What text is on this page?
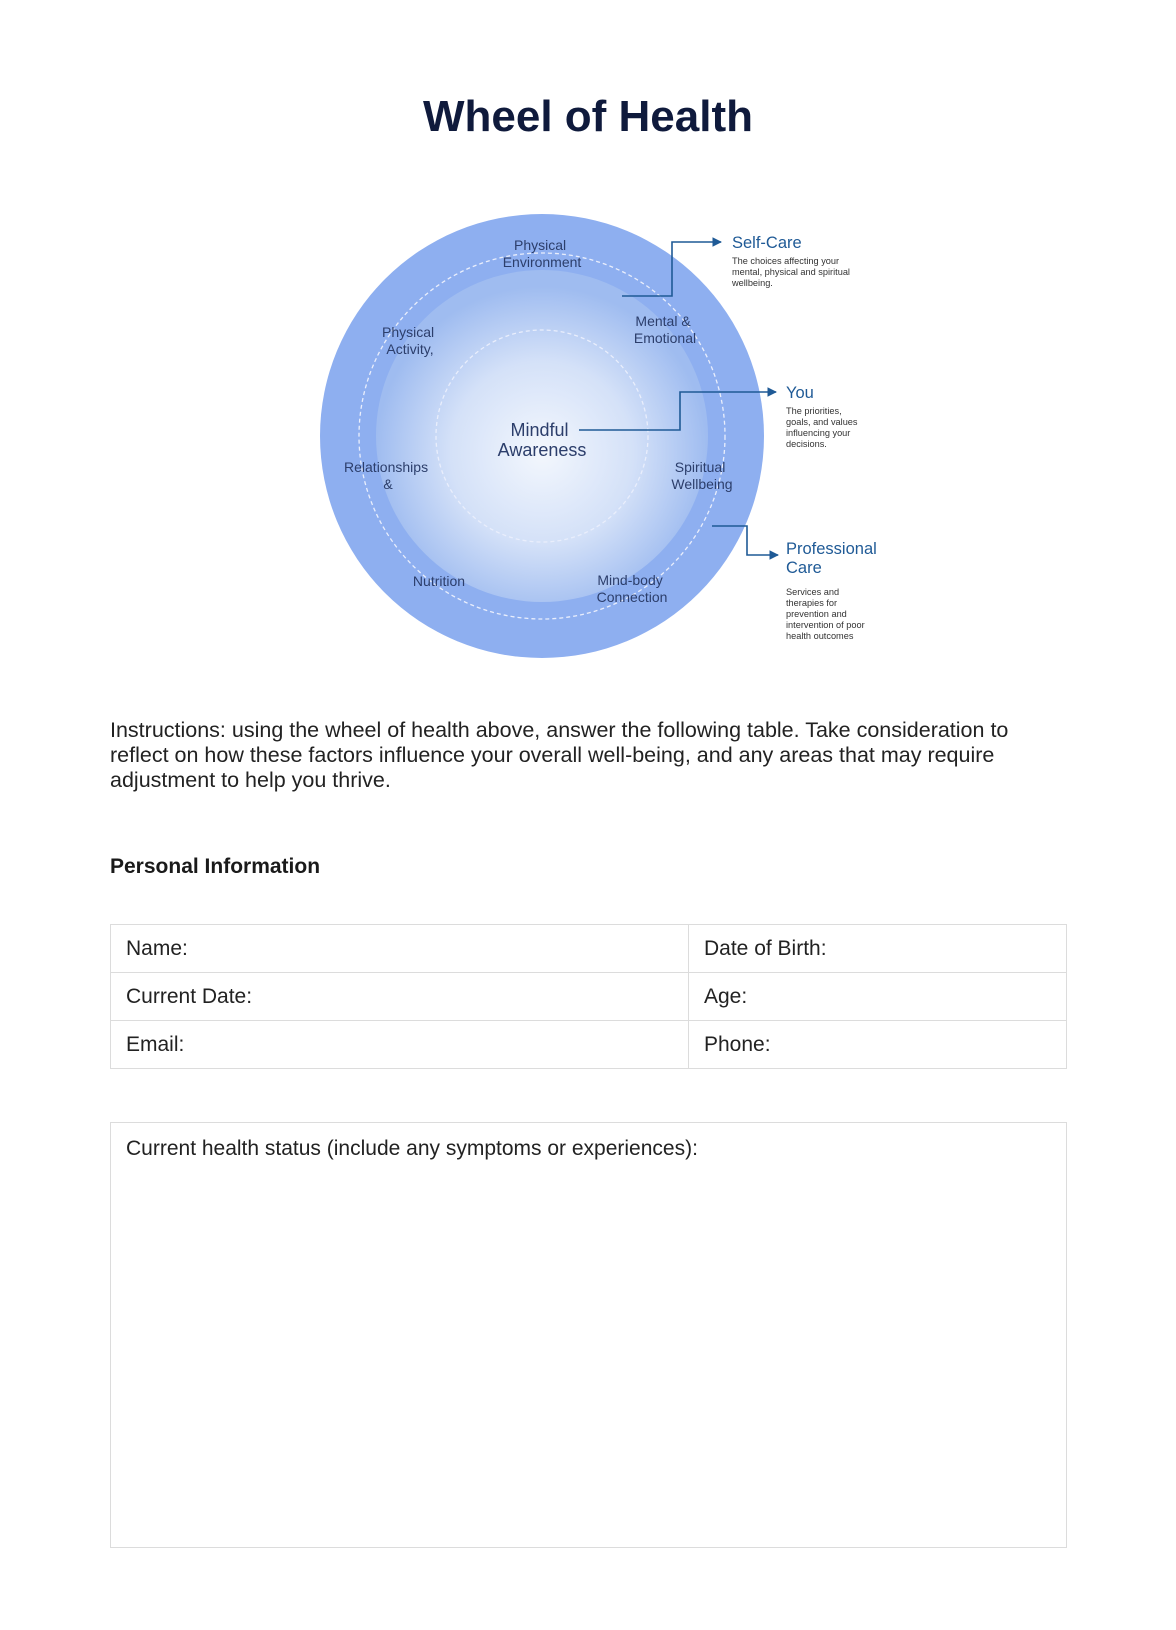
Wheel of Health
Physical Environment
Mental & Emotional
Physical Activity,
Relationships &
Spiritual Wellbeing
Nutrition	Mind-body Connection
Mindful Awareness
Self-Care
The choices affecting your mental, physical and spiritual wellbeing.
You
The priorities, goals, and values influencing your decisions.
Professional Care
Services and therapies for prevention and intervention of poor health outcomes
Instructions: using the wheel of health above, answer the following table. Take consideration to reflect on how these factors influence your overall well-being, and any areas that may require adjustment to help you thrive.
Personal Information
Name:	Date of Birth:
Current Date:	Age:
Email:	Phone:
Current health status (include any symptoms or experiences):
